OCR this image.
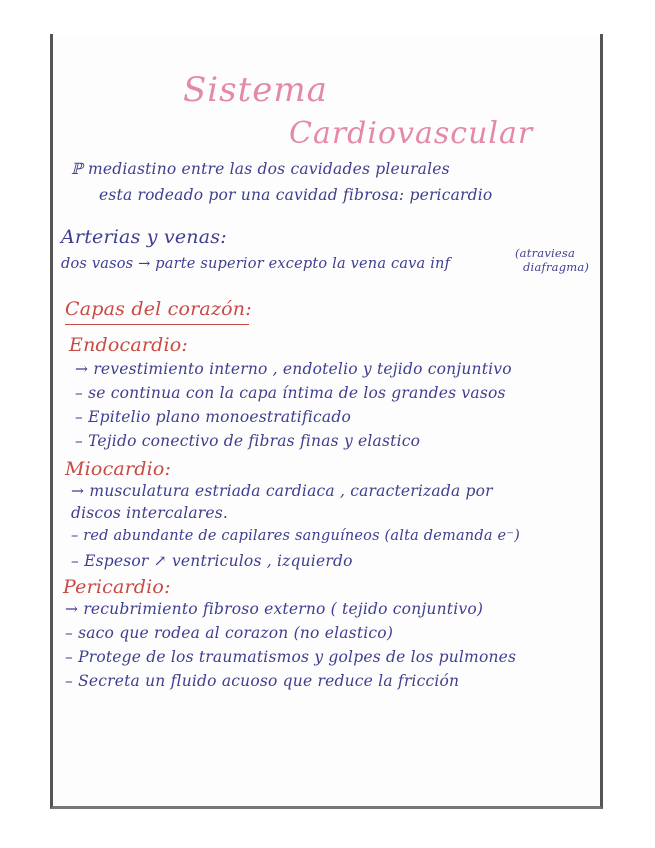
Sistema
Cardiovascular
ℙ mediastino entre las dos cavidades pleurales
esta rodeado por una cavidad fibrosa: pericardio
Arterias y venas:
dos vasos → parte superior excepto la vena cava inf
(atraviesa
diafragma)
Capas del corazón:
Endocardio:
→ revestimiento interno , endotelio y tejido conjuntivo
– se continua con la capa íntima de los grandes vasos
– Epitelio plano monoestratificado
– Tejido conectivo de fibras finas y elastico
Miocardio:
→ musculatura estriada cardiaca , caracterizada por
discos intercalares.
– red abundante de capilares sanguíneos (alta demanda e⁻)
– Espesor ↗ ventriculos , izquierdo
Pericardio:
→ recubrimiento fibroso externo ( tejido conjuntivo)
– saco que rodea al corazon (no elastico)
– Protege de los traumatismos y golpes de los pulmones
– Secreta un fluido acuoso que reduce la fricción
